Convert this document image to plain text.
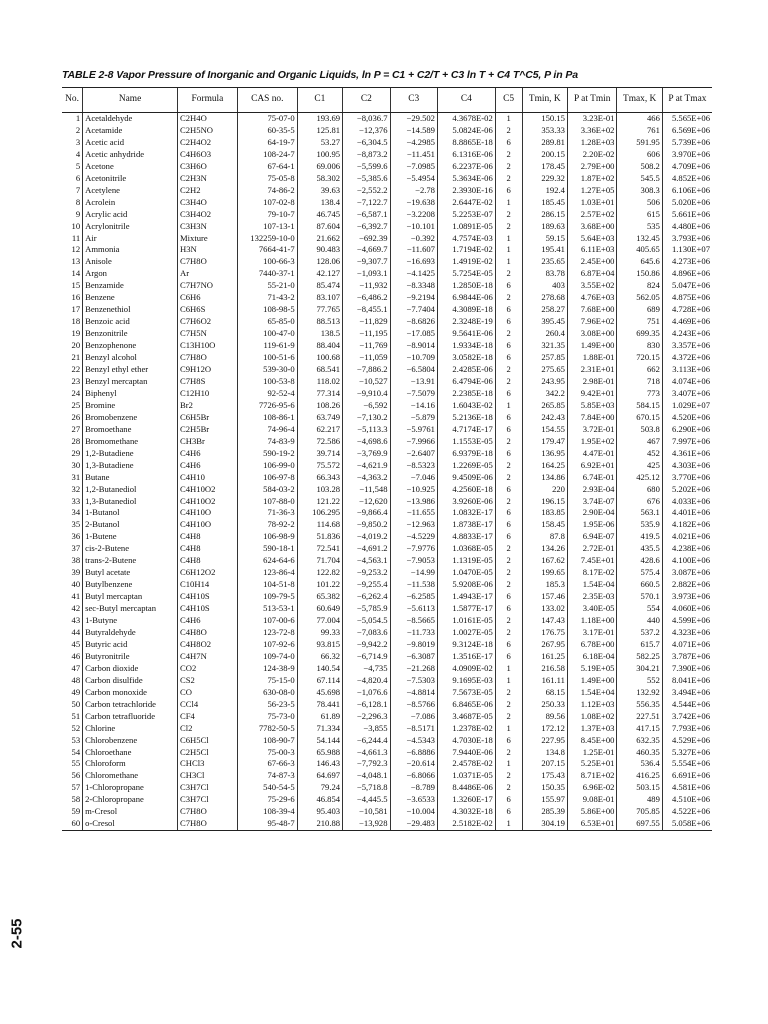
TABLE 2-8 Vapor Pressure of Inorganic and Organic Liquids, ln P = C1 + C2/T + C3 ln T + C4 T^C5, P in Pa
No.	Name	Formula	CAS no.	C1	C2	C3	C4	C5	Tmin, K	P at Tmin	Tmax, K	P at Tmax
1	Acetaldehyde	C2H4O	75-07-0	193.69	−8,036.7	−29.502	4.3678E-02	1	150.15	3.23E-01	466	5.565E+06
2	Acetamide	C2H5NO	60-35-5	125.81	−12,376	−14.589	5.0824E-06	2	353.33	3.36E+02	761	6.569E+06
3	Acetic acid	C2H4O2	64-19-7	53.27	−6,304.5	−4.2985	8.8865E-18	6	289.81	1.28E+03	591.95	5.739E+06
4	Acetic anhydride	C4H6O3	108-24-7	100.95	−8,873.2	−11.451	6.1316E-06	2	200.15	2.20E-02	606	3.970E+06
5	Acetone	C3H6O	67-64-1	69.006	−5,599.6	−7.0985	6.2237E-06	2	178.45	2.79E+00	508.2	4.709E+06
6	Acetonitrile	C2H3N	75-05-8	58.302	−5,385.6	−5.4954	5.3634E-06	2	229.32	1.87E+02	545.5	4.852E+06
7	Acetylene	C2H2	74-86-2	39.63	−2,552.2	−2.78	2.3930E-16	6	192.4	1.27E+05	308.3	6.106E+06
8	Acrolein	C3H4O	107-02-8	138.4	−7,122.7	−19.638	2.6447E-02	1	185.45	1.03E+01	506	5.020E+06
9	Acrylic acid	C3H4O2	79-10-7	46.745	−6,587.1	−3.2208	5.2253E-07	2	286.15	2.57E+02	615	5.661E+06
10	Acrylonitrile	C3H3N	107-13-1	87.604	−6,392.7	−10.101	1.0891E-05	2	189.63	3.68E+00	535	4.480E+06
11	Air	Mixture	132259-10-0	21.662	−692.39	−0.392	4.7574E-03	1	59.15	5.64E+03	132.45	3.793E+06
12	Ammonia	H3N	7664-41-7	90.483	−4,669.7	−11.607	1.7194E-02	1	195.41	6.11E+03	405.65	1.130E+07
13	Anisole	C7H8O	100-66-3	128.06	−9,307.7	−16.693	1.4919E-02	1	235.65	2.45E+00	645.6	4.273E+06
14	Argon	Ar	7440-37-1	42.127	−1,093.1	−4.1425	5.7254E-05	2	83.78	6.87E+04	150.86	4.896E+06
15	Benzamide	C7H7NO	55-21-0	85.474	−11,932	−8.3348	1.2850E-18	6	403	3.55E+02	824	5.047E+06
16	Benzene	C6H6	71-43-2	83.107	−6,486.2	−9.2194	6.9844E-06	2	278.68	4.76E+03	562.05	4.875E+06
17	Benzenethiol	C6H6S	108-98-5	77.765	−8,455.1	−7.7404	4.3089E-18	6	258.27	7.68E+00	689	4.728E+06
18	Benzoic acid	C7H6O2	65-85-0	88.513	−11,829	−8.6826	2.3248E-19	6	395.45	7.96E+02	751	4.469E+06
19	Benzonitrile	C7H5N	100-47-0	138.5	−11,195	−17.085	9.5641E-06	2	260.4	3.08E+00	699.35	4.243E+06
20	Benzophenone	C13H10O	119-61-9	88.404	−11,769	−8.9014	1.9334E-18	6	321.35	1.49E+00	830	3.357E+06
21	Benzyl alcohol	C7H8O	100-51-6	100.68	−11,059	−10.709	3.0582E-18	6	257.85	1.88E-01	720.15	4.372E+06
22	Benzyl ethyl ether	C9H12O	539-30-0	68.541	−7,886.2	−6.5804	2.4285E-06	2	275.65	2.31E+01	662	3.113E+06
23	Benzyl mercaptan	C7H8S	100-53-8	118.02	−10,527	−13.91	6.4794E-06	2	243.95	2.98E-01	718	4.074E+06
24	Biphenyl	C12H10	92-52-4	77.314	−9,910.4	−7.5079	2.2385E-18	6	342.2	9.42E+01	773	3.407E+06
25	Bromine	Br2	7726-95-6	108.26	−6,592	−14.16	1.6043E-02	1	265.85	5.85E+03	584.15	1.029E+07
26	Bromobenzene	C6H5Br	108-86-1	63.749	−7,130.2	−5.879	5.2136E-18	6	242.43	7.84E+00	670.15	4.520E+06
27	Bromoethane	C2H5Br	74-96-4	62.217	−5,113.3	−5.9761	4.7174E-17	6	154.55	3.72E-01	503.8	6.290E+06
28	Bromomethane	CH3Br	74-83-9	72.586	−4,698.6	−7.9966	1.1553E-05	2	179.47	1.95E+02	467	7.997E+06
29	1,2-Butadiene	C4H6	590-19-2	39.714	−3,769.9	−2.6407	6.9379E-18	6	136.95	4.47E-01	452	4.361E+06
30	1,3-Butadiene	C4H6	106-99-0	75.572	−4,621.9	−8.5323	1.2269E-05	2	164.25	6.92E+01	425	4.303E+06
31	Butane	C4H10	106-97-8	66.343	−4,363.2	−7.046	9.4509E-06	2	134.86	6.74E-01	425.12	3.770E+06
32	1,2-Butanediol	C4H10O2	584-03-2	103.28	−11,548	−10.925	4.2560E-18	6	220	2.93E-04	680	5.202E+06
33	1,3-Butanediol	C4H10O2	107-88-0	121.22	−12,620	−13.986	3.9260E-06	2	196.15	3.74E-07	676	4.033E+06
34	1-Butanol	C4H10O	71-36-3	106.295	−9,866.4	−11.655	1.0832E-17	6	183.85	2.90E-04	563.1	4.401E+06
35	2-Butanol	C4H10O	78-92-2	114.68	−9,850.2	−12.963	1.8738E-17	6	158.45	1.95E-06	535.9	4.182E+06
36	1-Butene	C4H8	106-98-9	51.836	−4,019.2	−4.5229	4.8833E-17	6	87.8	6.94E-07	419.5	4.021E+06
37	cis-2-Butene	C4H8	590-18-1	72.541	−4,691.2	−7.9776	1.0368E-05	2	134.26	2.72E-01	435.5	4.238E+06
38	trans-2-Butene	C4H8	624-64-6	71.704	−4,563.1	−7.9053	1.1319E-05	2	167.62	7.45E+01	428.6	4.100E+06
39	Butyl acetate	C6H12O2	123-86-4	122.82	−9,253.2	−14.99	1.0470E-05	2	199.65	8.17E-02	575.4	3.087E+06
40	Butylbenzene	C10H14	104-51-8	101.22	−9,255.4	−11.538	5.9208E-06	2	185.3	1.54E-04	660.5	2.882E+06
41	Butyl mercaptan	C4H10S	109-79-5	65.382	−6,262.4	−6.2585	1.4943E-17	6	157.46	2.35E-03	570.1	3.973E+06
42	sec-Butyl mercaptan	C4H10S	513-53-1	60.649	−5,785.9	−5.6113	1.5877E-17	6	133.02	3.40E-05	554	4.060E+06
43	1-Butyne	C4H6	107-00-6	77.004	−5,054.5	−8.5665	1.0161E-05	2	147.43	1.18E+00	440	4.599E+06
44	Butyraldehyde	C4H8O	123-72-8	99.33	−7,083.6	−11.733	1.0027E-05	2	176.75	3.17E-01	537.2	4.323E+06
45	Butyric acid	C4H8O2	107-92-6	93.815	−9,942.2	−9.8019	9.3124E-18	6	267.95	6.78E+00	615.7	4.071E+06
46	Butyronitrile	C4H7N	109-74-0	66.32	−6,714.9	−6.3087	1.3516E-17	6	161.25	6.18E-04	582.25	3.787E+06
47	Carbon dioxide	CO2	124-38-9	140.54	−4,735	−21.268	4.0909E-02	1	216.58	5.19E+05	304.21	7.390E+06
48	Carbon disulfide	CS2	75-15-0	67.114	−4,820.4	−7.5303	9.1695E-03	1	161.11	1.49E+00	552	8.041E+06
49	Carbon monoxide	CO	630-08-0	45.698	−1,076.6	−4.8814	7.5673E-05	2	68.15	1.54E+04	132.92	3.494E+06
50	Carbon tetrachloride	CCl4	56-23-5	78.441	−6,128.1	−8.5766	6.8465E-06	2	250.33	1.12E+03	556.35	4.544E+06
51	Carbon tetrafluoride	CF4	75-73-0	61.89	−2,296.3	−7.086	3.4687E-05	2	89.56	1.08E+02	227.51	3.742E+06
52	Chlorine	Cl2	7782-50-5	71.334	−3,855	−8.5171	1.2378E-02	1	172.12	1.37E+03	417.15	7.793E+06
53	Chlorobenzene	C6H5Cl	108-90-7	54.144	−6,244.4	−4.5343	4.7030E-18	6	227.95	8.45E+00	632.35	4.529E+06
54	Chloroethane	C2H5Cl	75-00-3	65.988	−4,661.3	−6.8886	7.9440E-06	2	134.8	1.25E-01	460.35	5.327E+06
55	Chloroform	CHCl3	67-66-3	146.43	−7,792.3	−20.614	2.4578E-02	1	207.15	5.25E+01	536.4	5.554E+06
56	Chloromethane	CH3Cl	74-87-3	64.697	−4,048.1	−6.8066	1.0371E-05	2	175.43	8.71E+02	416.25	6.691E+06
57	1-Chloropropane	C3H7Cl	540-54-5	79.24	−5,718.8	−8.789	8.4486E-06	2	150.35	6.96E-02	503.15	4.581E+06
58	2-Chloropropane	C3H7Cl	75-29-6	46.854	−4,445.5	−3.6533	1.3260E-17	6	155.97	9.08E-01	489	4.510E+06
59	m-Cresol	C7H8O	108-39-4	95.403	−10,581	−10.004	4.3032E-18	6	285.39	5.86E+00	705.85	4.522E+06
60	o-Cresol	C7H8O	95-48-7	210.88	−13,928	−29.483	2.5182E-02	1	304.19	6.53E+01	697.55	5.058E+06
2-55
